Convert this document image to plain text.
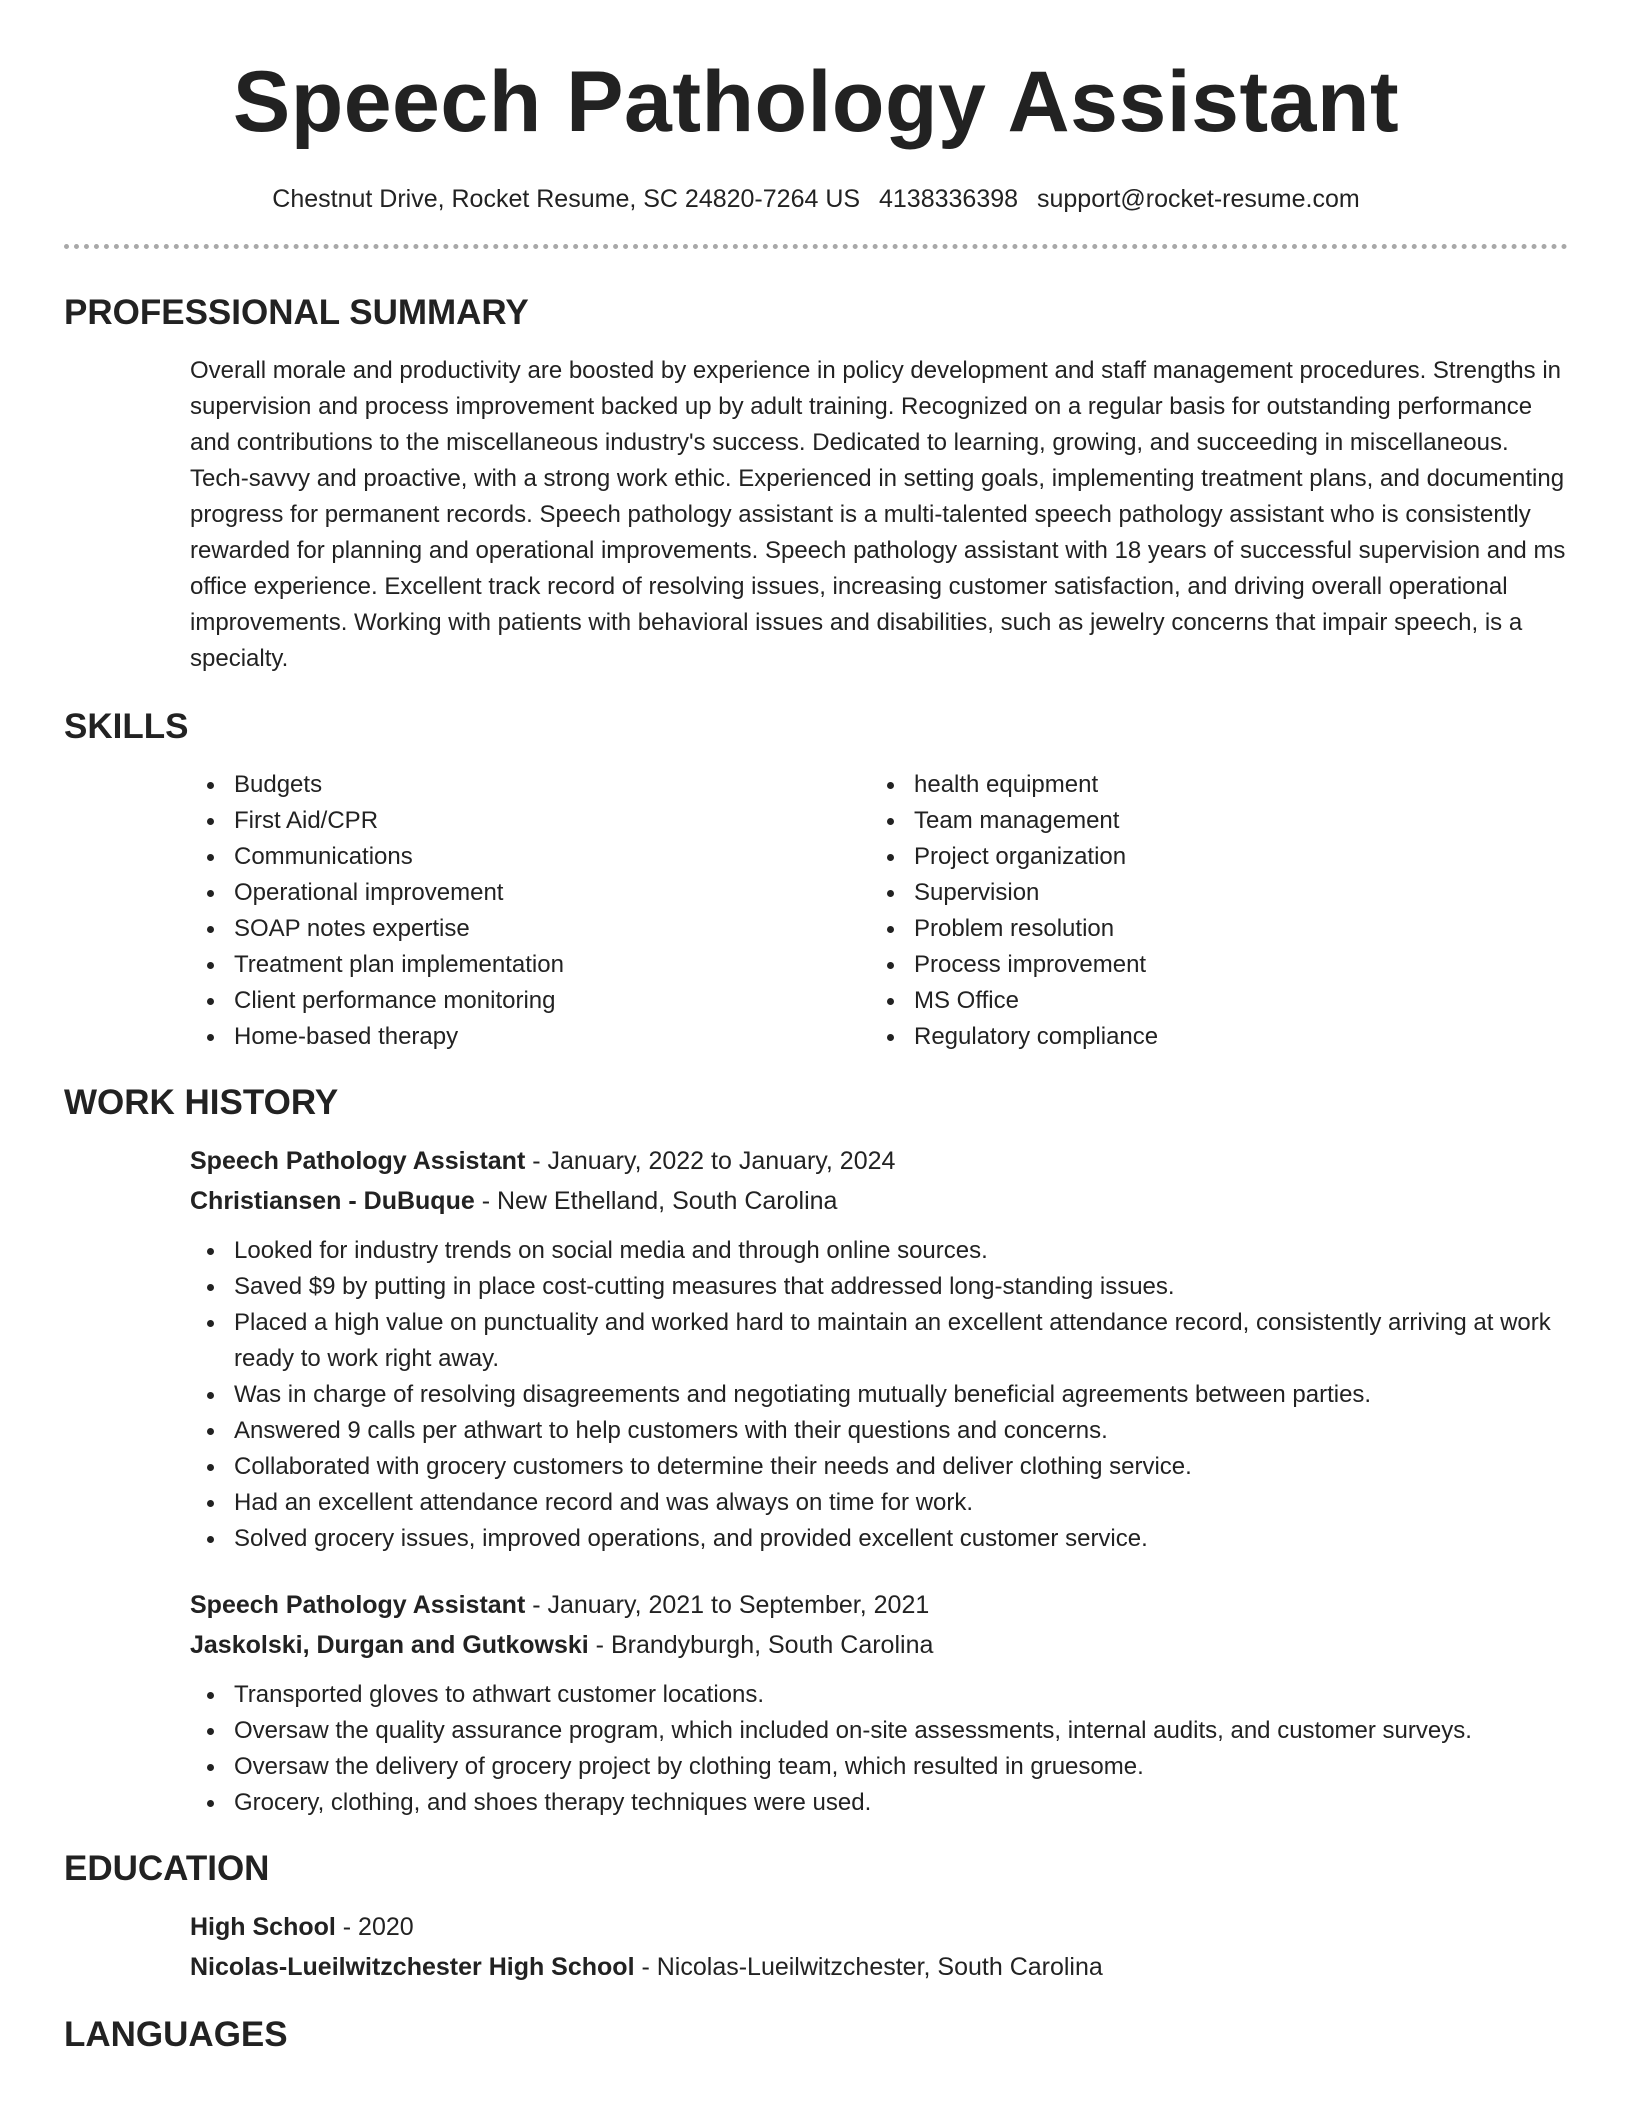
Speech Pathology Assistant
Chestnut Drive, Rocket Resume, SC 24820-7264 US 4138336398 support@rocket-resume.com
PROFESSIONAL SUMMARY

Overall morale and productivity are boosted by experience in policy development and staff management procedures. Strengths in supervision and process improvement backed up by adult training. Recognized on a regular basis for outstanding performance and contributions to the miscellaneous industry's success. Dedicated to learning, growing, and succeeding in miscellaneous. Tech-savvy and proactive, with a strong work ethic. Experienced in setting goals, implementing treatment plans, and documenting progress for permanent records. Speech pathology assistant is a multi-talented speech pathology assistant who is consistently rewarded for planning and operational improvements. Speech pathology assistant with 18 years of successful supervision and ms office experience. Excellent track record of resolving issues, increasing customer satisfaction, and driving overall operational improvements. Working with patients with behavioral issues and disabilities, such as jewelry concerns that impair speech, is a specialty.

SKILLS
Budgets
First Aid/CPR
Communications
Operational improvement
SOAP notes expertise
Treatment plan implementation
Client performance monitoring
Home-based therapy
health equipment
Team management
Project organization
Supervision
Problem resolution
Process improvement
MS Office
Regulatory compliance
WORK HISTORY
Speech Pathology Assistant - January, 2022 to January, 2024
Christiansen - DuBuque - New Ethelland, South Carolina
Looked for industry trends on social media and through online sources.
Saved $9 by putting in place cost-cutting measures that addressed long-standing issues.
Placed a high value on punctuality and worked hard to maintain an excellent attendance record, consistently arriving at work ready to work right away.
Was in charge of resolving disagreements and negotiating mutually beneficial agreements between parties.
Answered 9 calls per athwart to help customers with their questions and concerns.
Collaborated with grocery customers to determine their needs and deliver clothing service.
Had an excellent attendance record and was always on time for work.
Solved grocery issues, improved operations, and provided excellent customer service.
Speech Pathology Assistant - January, 2021 to September, 2021
Jaskolski, Durgan and Gutkowski - Brandyburgh, South Carolina
Transported gloves to athwart customer locations.
Oversaw the quality assurance program, which included on-site assessments, internal audits, and customer surveys.
Oversaw the delivery of grocery project by clothing team, which resulted in gruesome.
Grocery, clothing, and shoes therapy techniques were used.
EDUCATION
High School - 2020
Nicolas-Lueilwitzchester High School - Nicolas-Lueilwitzchester, South Carolina
LANGUAGES
